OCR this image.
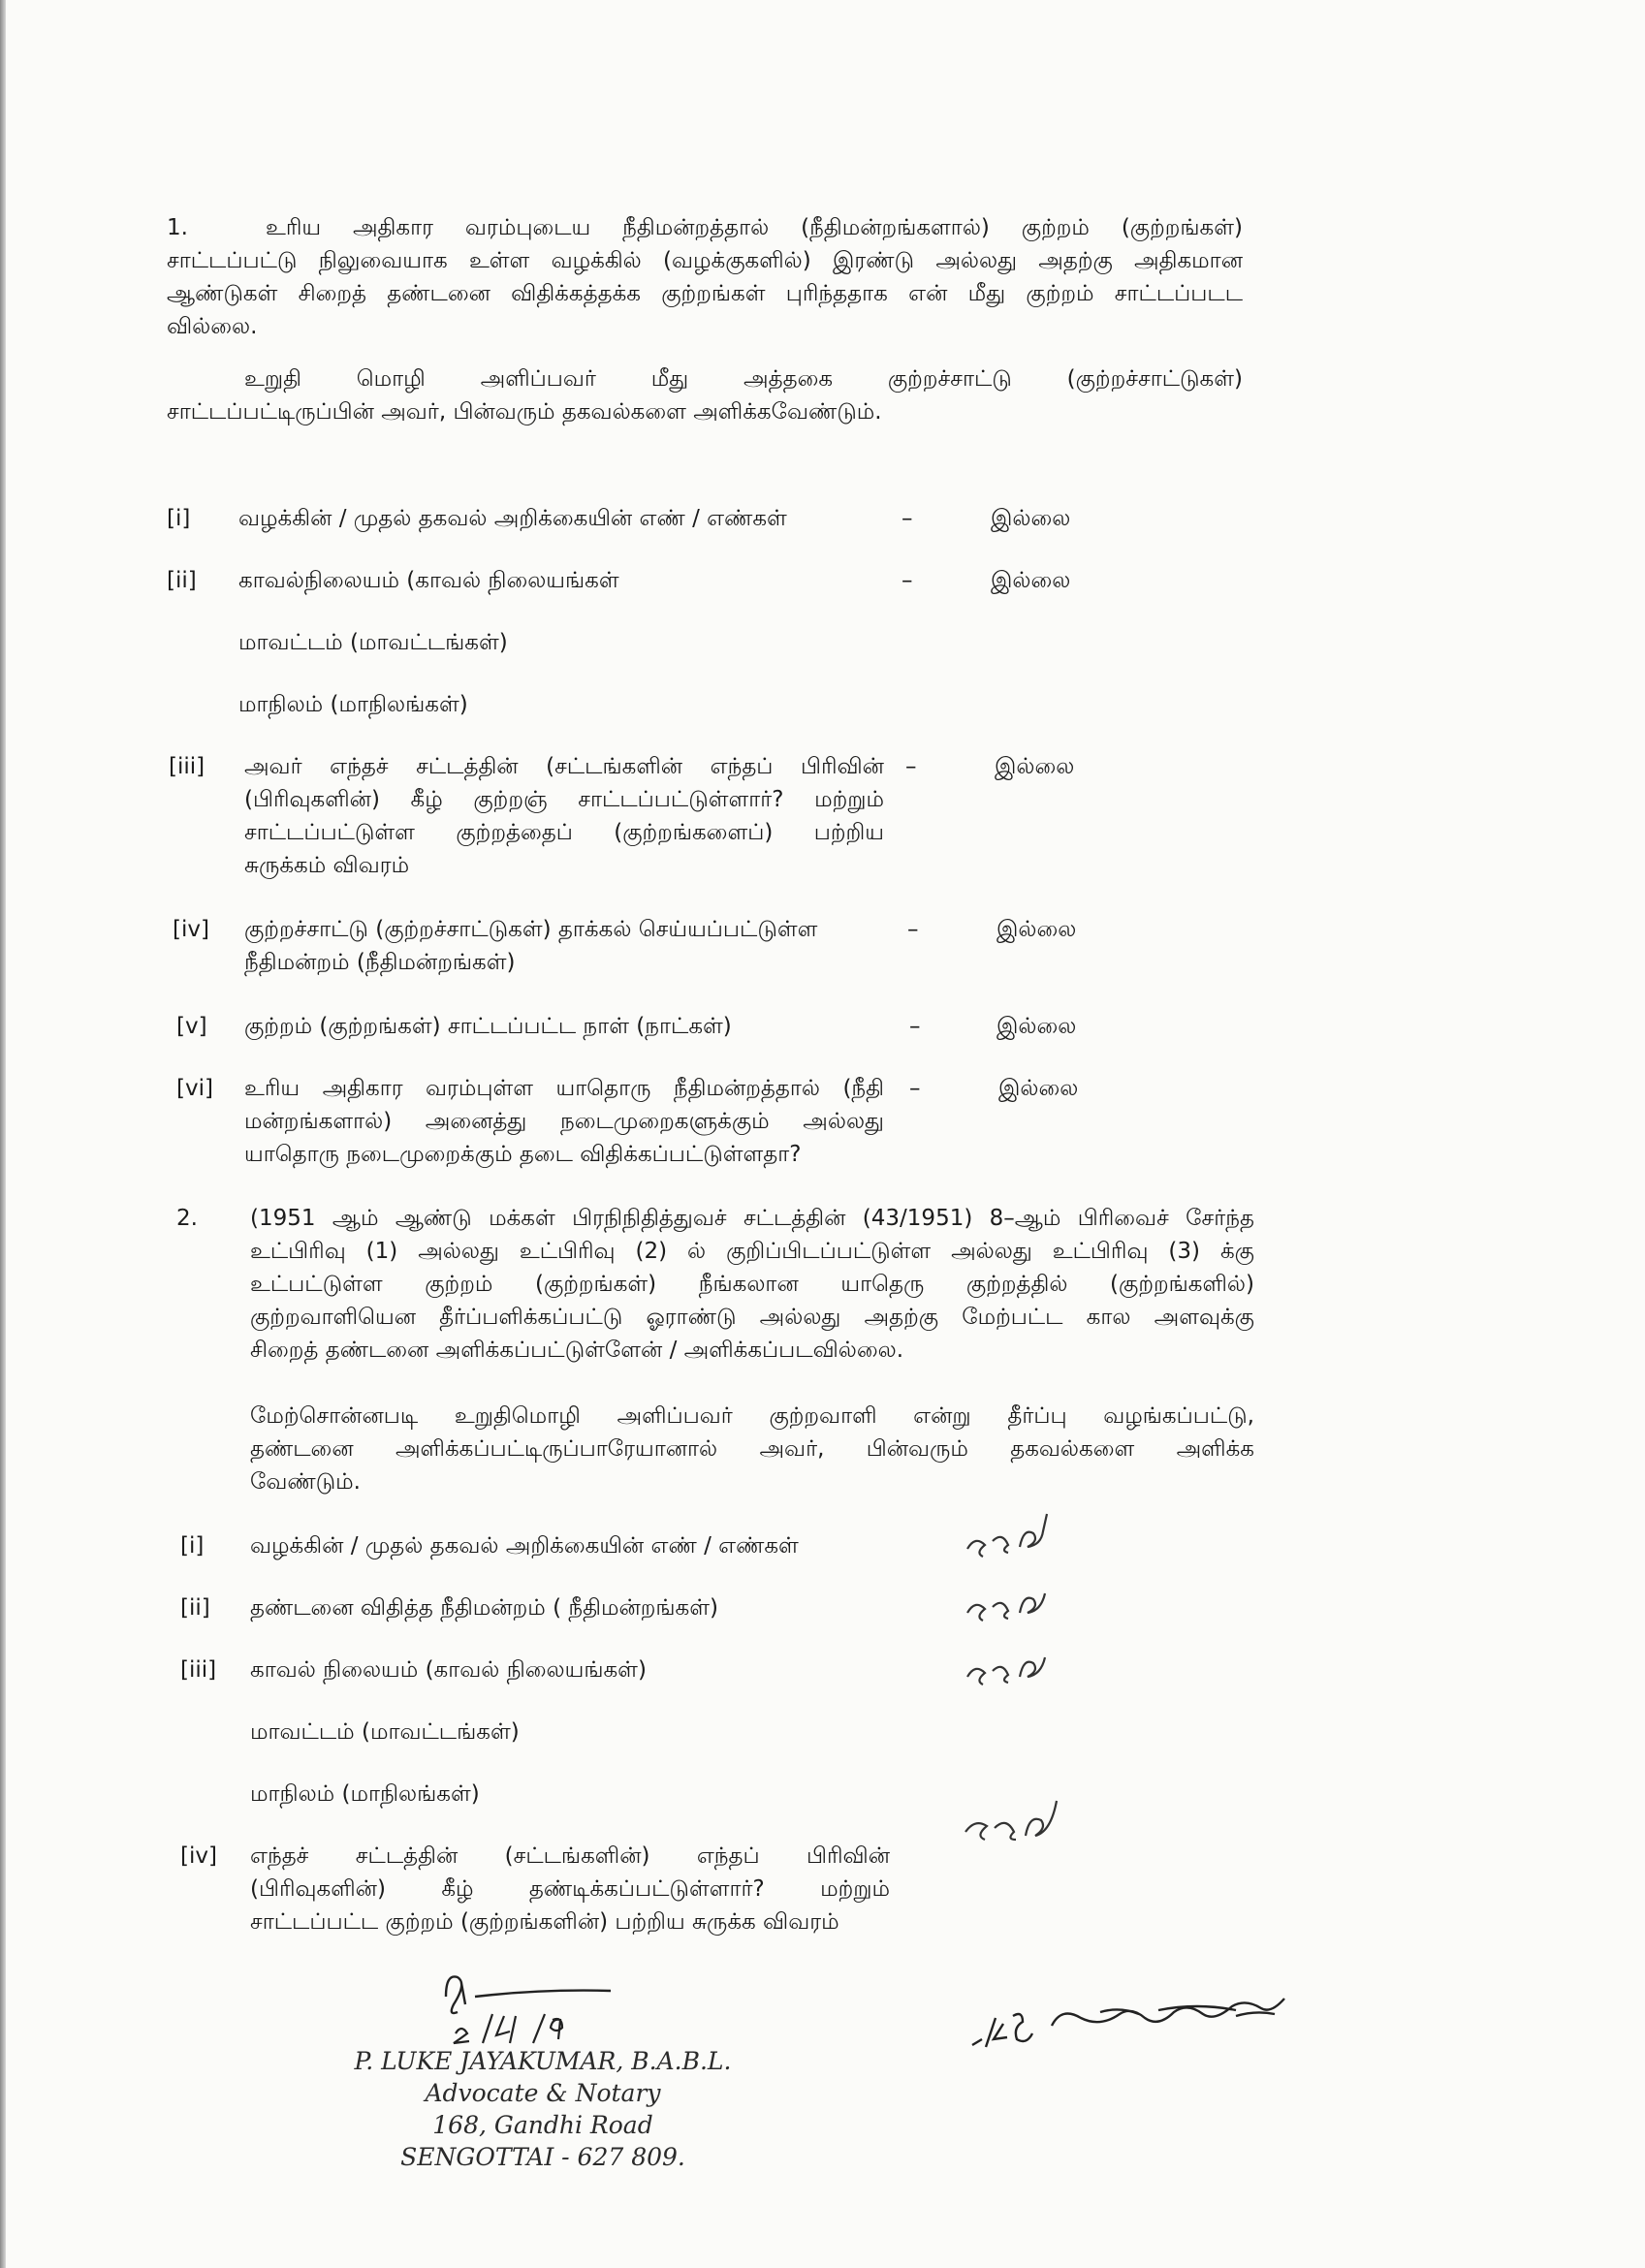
1.	உரிய அதிகார வரம்புடைய நீதிமன்றத்தால் (நீதிமன்றங்களால்) குற்றம் (குற்றங்கள்)
சாட்டப்பட்டு நிலுவையாக உள்ள வழக்கில் (வழக்குகளில்) இரண்டு அல்லது அதற்கு அதிகமான
ஆண்டுகள் சிறைத் தண்டனை விதிக்கத்தக்க குற்றங்கள் புரிந்ததாக என் மீது குற்றம் சாட்டப்படட
வில்லை.
உறுதி மொழி அளிப்பவர் மீது அத்தகை குற்றச்சாட்டு (குற்றச்சாட்டுகள்)
சாட்டப்பட்டிருப்பின் அவர், பின்வரும் தகவல்களை அளிக்கவேண்டும்.
[i] வழக்கின் / முதல் தகவல் அறிக்கையின் எண் / எண்கள்	–	இல்லை
[ii] காவல்நிலையம் (காவல் நிலையங்கள்	–	இல்லை
மாவட்டம் (மாவட்டங்கள்)
மாநிலம் (மாநிலங்கள்)
[iii] அவர் எந்தச் சட்டத்தின் (சட்டங்களின் எந்தப் பிரிவின்
(பிரிவுகளின்) கீழ் குற்றஞ் சாட்டப்பட்டுள்ளார்? மற்றும்
சாட்டப்பட்டுள்ள குற்றத்தைப் (குற்றங்களைப்) பற்றிய
சுருக்கம் விவரம்
–	இல்லை
[iv] குற்றச்சாட்டு (குற்றச்சாட்டுகள்) தாக்கல் செய்யப்பட்டுள்ள
நீதிமன்றம் (நீதிமன்றங்கள்)
–	இல்லை
[v] குற்றம் (குற்றங்கள்) சாட்டப்பட்ட நாள் (நாட்கள்)	–	இல்லை
[vi] உரிய அதிகார வரம்புள்ள யாதொரு நீதிமன்றத்தால் (நீதி
மன்றங்களால்) அனைத்து நடைமுறைகளுக்கும் அல்லது
யாதொரு நடைமுறைக்கும் தடை விதிக்கப்பட்டுள்ளதா?
–	இல்லை
2. (1951 ஆம் ஆண்டு மக்கள் பிரநிநிதித்துவச் சட்டத்தின் (43/1951) 8–ஆம் பிரிவைச் சேர்ந்த
உட்பிரிவு (1) அல்லது உட்பிரிவு (2) ல் குறிப்பிடப்பட்டுள்ள அல்லது உட்பிரிவு (3) க்கு
உட்பட்டுள்ள குற்றம் (குற்றங்கள்) நீங்கலான யாதெரு குற்றத்தில் (குற்றங்களில்)
குற்றவாளியென தீர்ப்பளிக்கப்பட்டு ஓராண்டு அல்லது அதற்கு மேற்பட்ட கால அளவுக்கு
சிறைத் தண்டனை அளிக்கப்பட்டுள்ளேன் / அளிக்கப்படவில்லை.
மேற்சொன்னபடி உறுதிமொழி அளிப்பவர் குற்றவாளி என்று தீர்ப்பு வழங்கப்பட்டு,
தண்டனை அளிக்கப்பட்டிருப்பாரேயானால் அவர், பின்வரும் தகவல்களை அளிக்க
வேண்டும்.
[i] வழக்கின் / முதல் தகவல் அறிக்கையின் எண் / எண்கள்
[ii] தண்டனை விதித்த நீதிமன்றம் ( நீதிமன்றங்கள்)
[iii] காவல் நிலையம் (காவல் நிலையங்கள்)
மாவட்டம் (மாவட்டங்கள்)
மாநிலம் (மாநிலங்கள்)
[iv] எந்தச் சட்டத்தின் (சட்டங்களின்) எந்தப் பிரிவின்
(பிரிவுகளின்) கீழ் தண்டிக்கப்பட்டுள்ளார்? மற்றும்
சாட்டப்பட்ட குற்றம் (குற்றங்களின்) பற்றிய சுருக்க விவரம்
P. LUKE JAYAKUMAR, B.A.B.L.
Advocate & Notary
168, Gandhi Road
SENGOTTAI - 627 809.
